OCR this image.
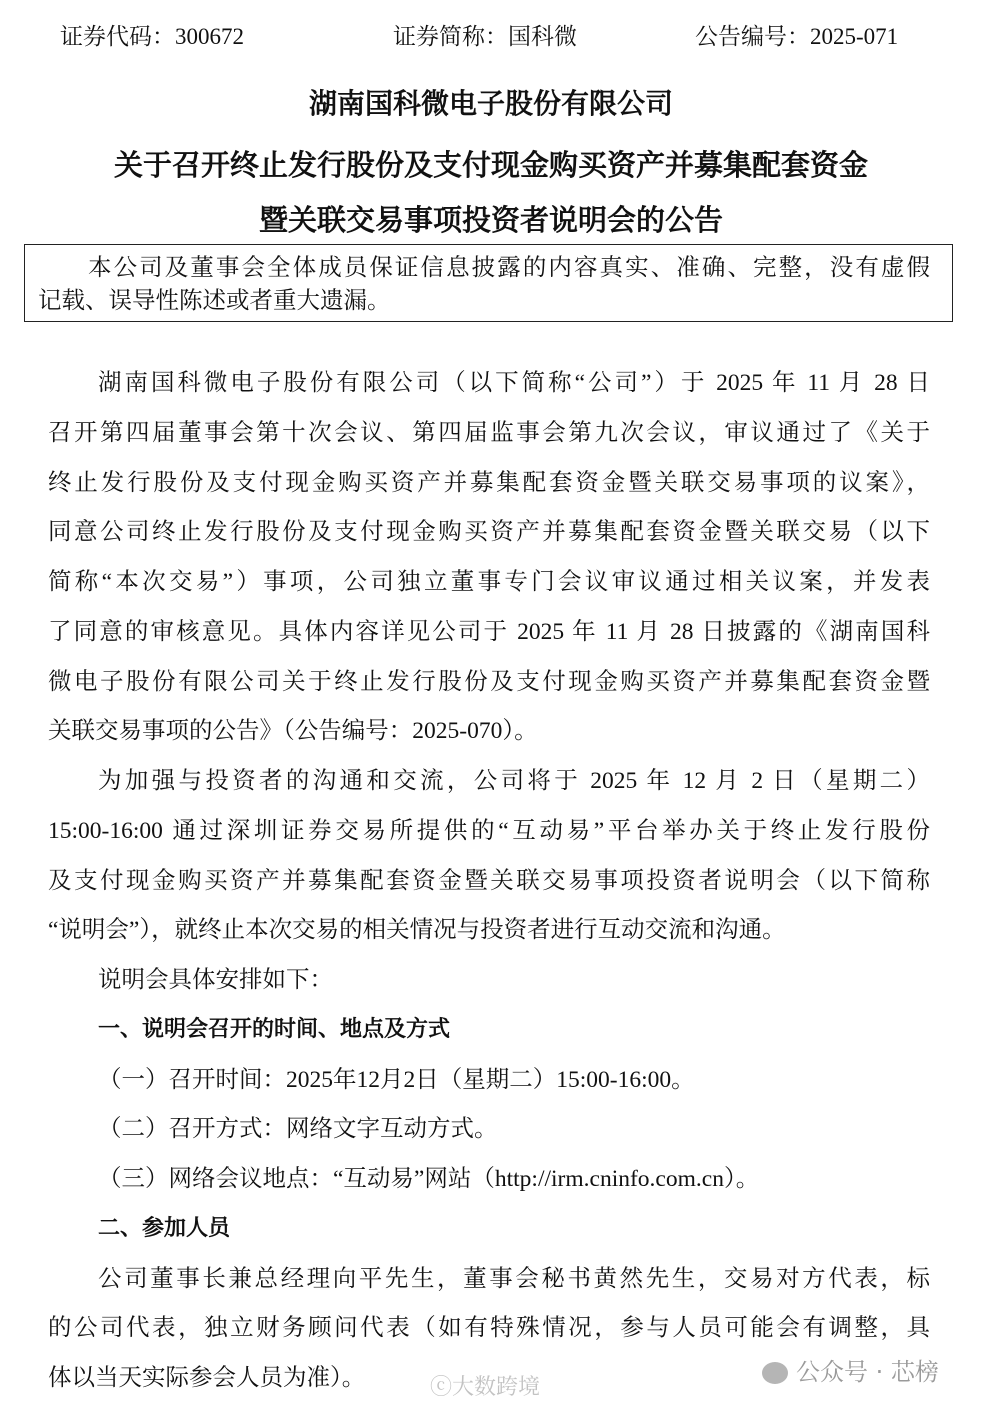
证券代码：300672	证券简称：国科微	公告编号：2025-071
湖南国科微电子股份有限公司
关于召开终止发行股份及支付现金购买资产并募集配套资金
暨关联交易事项投资者说明会的公告
本公司及董事会全体成员保证信息披露的内容真实、准确、完整，没有虚假
记载、误导性陈述或者重大遗漏。
湖南国科微电子股份有限公司（以下简称“公司”）于 2025 年 11 月 28 日
召开第四届董事会第十次会议、第四届监事会第九次会议，审议通过了《关于
终止发行股份及支付现金购买资产并募集配套资金暨关联交易事项的议案》，
同意公司终止发行股份及支付现金购买资产并募集配套资金暨关联交易（以下
简称“本次交易”）事项，公司独立董事专门会议审议通过相关议案，并发表
了同意的审核意见。具体内容详见公司于 2025 年 11 月 28 日披露的《湖南国科
微电子股份有限公司关于终止发行股份及支付现金购买资产并募集配套资金暨
关联交易事项的公告》（公告编号：2025-070）。
为加强与投资者的沟通和交流，公司将于 2025 年 12 月 2 日（星期二）
15:00-16:00 通过深圳证券交易所提供的“互动易”平台举办关于终止发行股份
及支付现金购买资产并募集配套资金暨关联交易事项投资者说明会（以下简称
“说明会”），就终止本次交易的相关情况与投资者进行互动交流和沟通。
说明会具体安排如下：
一、说明会召开的时间、地点及方式
（一）召开时间：2025年12月2日（星期二）15:00-16:00。
（二）召开方式：网络文字互动方式。
（三）网络会议地点：“互动易”网站（http://irm.cninfo.com.cn）。
二、参加人员
公司董事长兼总经理向平先生，董事会秘书黄然先生，交易对方代表，标
的公司代表，独立财务顾问代表（如有特殊情况，参与人员可能会有调整，具
体以当天实际参会人员为准）。	ⓒ大数跨境
公众号 · 芯榜
